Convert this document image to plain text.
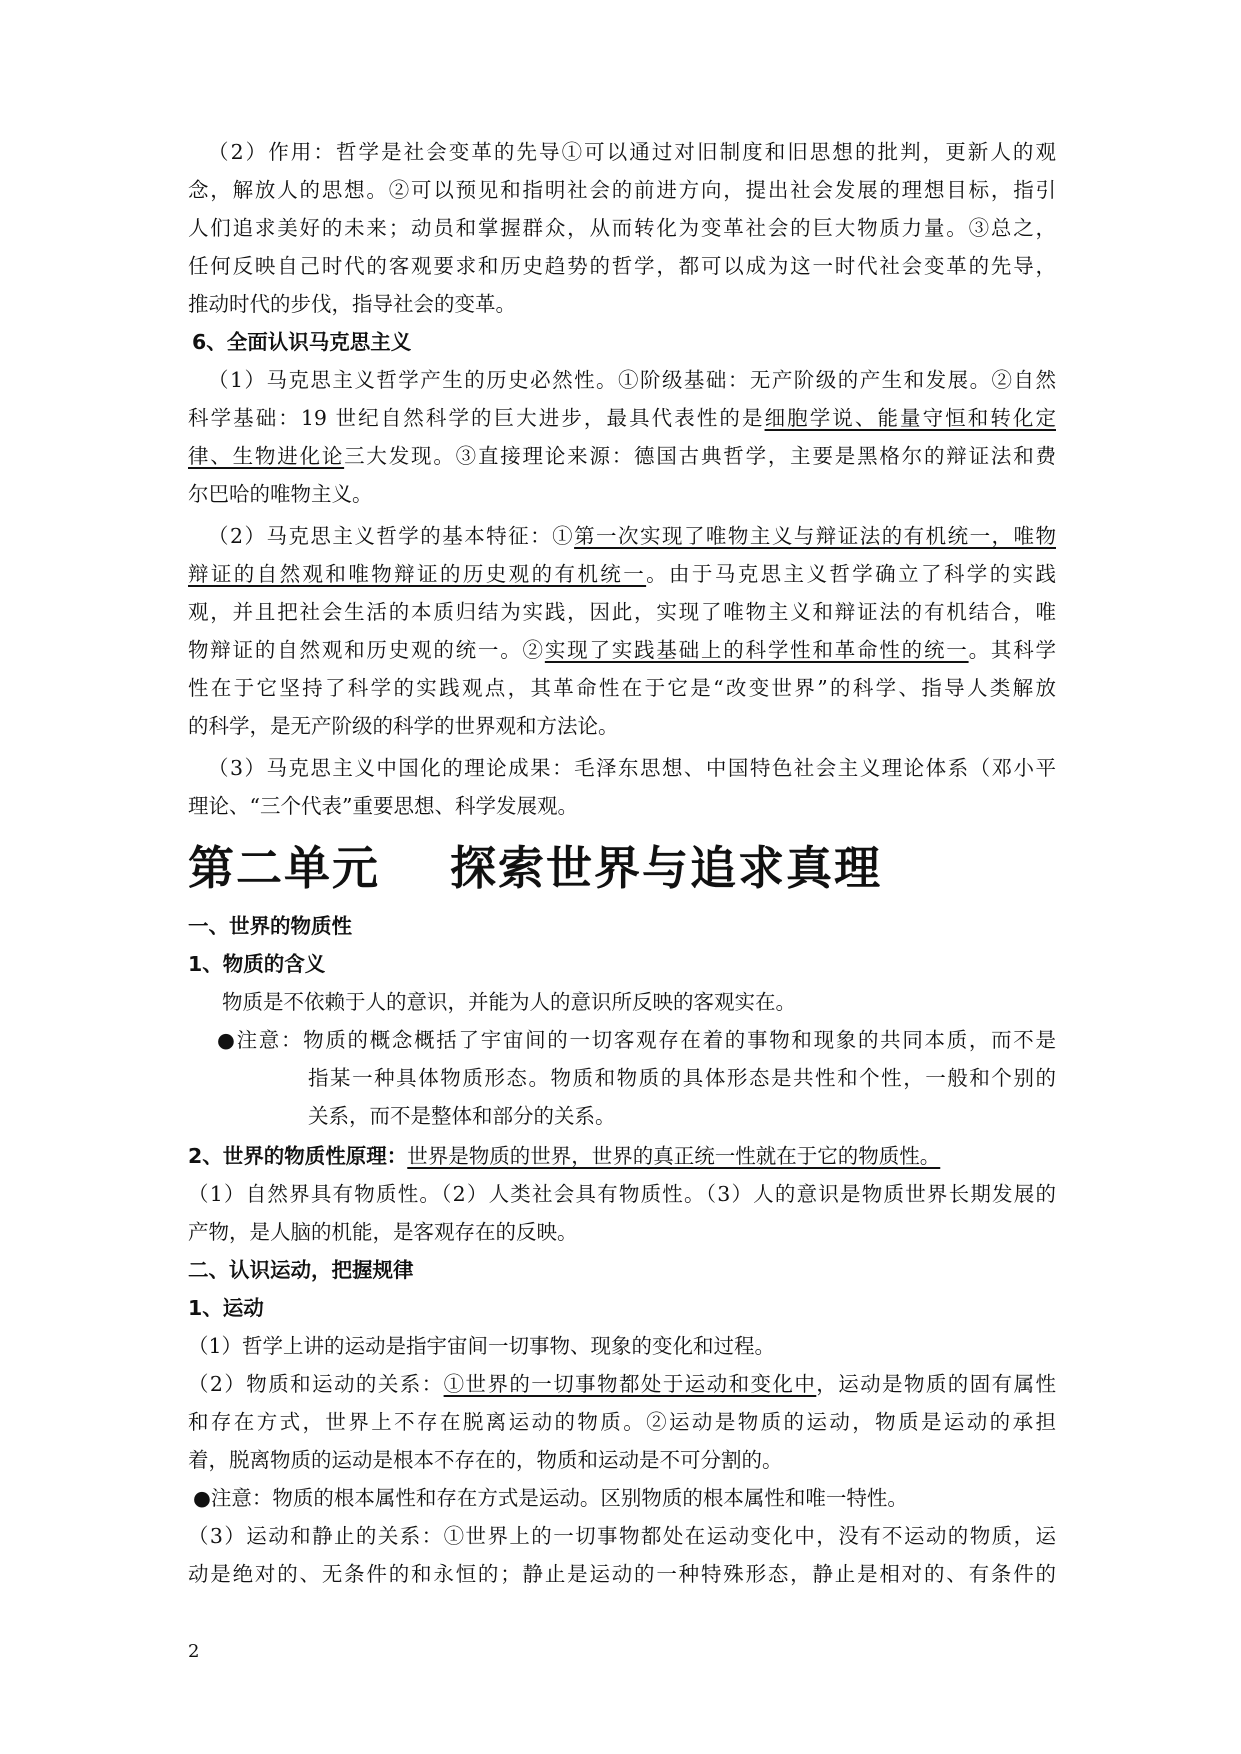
（2）作用：哲学是社会变革的先导①可以通过对旧制度和旧思想的批判，更新人的观
念，解放人的思想。②可以预见和指明社会的前进方向，提出社会发展的理想目标，指引
人们追求美好的未来；动员和掌握群众，从而转化为变革社会的巨大物质力量。③总之，
任何反映自己时代的客观要求和历史趋势的哲学，都可以成为这一时代社会变革的先导，
推动时代的步伐，指导社会的变革。
6、全面认识马克思主义
（1）马克思主义哲学产生的历史必然性。①阶级基础：无产阶级的产生和发展。②自然
科学基础：19 世纪自然科学的巨大进步，最具代表性的是细胞学说、能量守恒和转化定
律、生物进化论三大发现。③直接理论来源：德国古典哲学，主要是黑格尔的辩证法和费
尔巴哈的唯物主义。
（2）马克思主义哲学的基本特征：①第一次实现了唯物主义与辩证法的有机统一，唯物
辩证的自然观和唯物辩证的历史观的有机统一。由于马克思主义哲学确立了科学的实践
观，并且把社会生活的本质归结为实践，因此，实现了唯物主义和辩证法的有机结合，唯
物辩证的自然观和历史观的统一。②实现了实践基础上的科学性和革命性的统一。其科学
性在于它坚持了科学的实践观点，其革命性在于它是“改变世界”的科学、指导人类解放
的科学，是无产阶级的科学的世界观和方法论。
（3）马克思主义中国化的理论成果：毛泽东思想、中国特色社会主义理论体系（邓小平
理论、“三个代表”重要思想、科学发展观。
第二单元 探索世界与追求真理
一、世界的物质性
1、物质的含义
物质是不依赖于人的意识，并能为人的意识所反映的客观实在。
●注意：物质的概念概括了宇宙间的一切客观存在着的事物和现象的共同本质，而不是
指某一种具体物质形态。物质和物质的具体形态是共性和个性，一般和个别的
关系，而不是整体和部分的关系。
2、世界的物质性原理：世界是物质的世界，世界的真正统一性就在于它的物质性。
（1）自然界具有物质性。（2）人类社会具有物质性。（3）人的意识是物质世界长期发展的
产物，是人脑的机能，是客观存在的反映。
二、认识运动，把握规律
1、运动
（1）哲学上讲的运动是指宇宙间一切事物、现象的变化和过程。
（2）物质和运动的关系：①世界的一切事物都处于运动和变化中，运动是物质的固有属性
和存在方式，世界上不存在脱离运动的物质。②运动是物质的运动，物质是运动的承担
着，脱离物质的运动是根本不存在的，物质和运动是不可分割的。
●注意：物质的根本属性和存在方式是运动。区别物质的根本属性和唯一特性。
（3）运动和静止的关系：①世界上的一切事物都处在运动变化中，没有不运动的物质，运
动是绝对的、无条件的和永恒的；静止是运动的一种特殊形态，静止是相对的、有条件的
2
